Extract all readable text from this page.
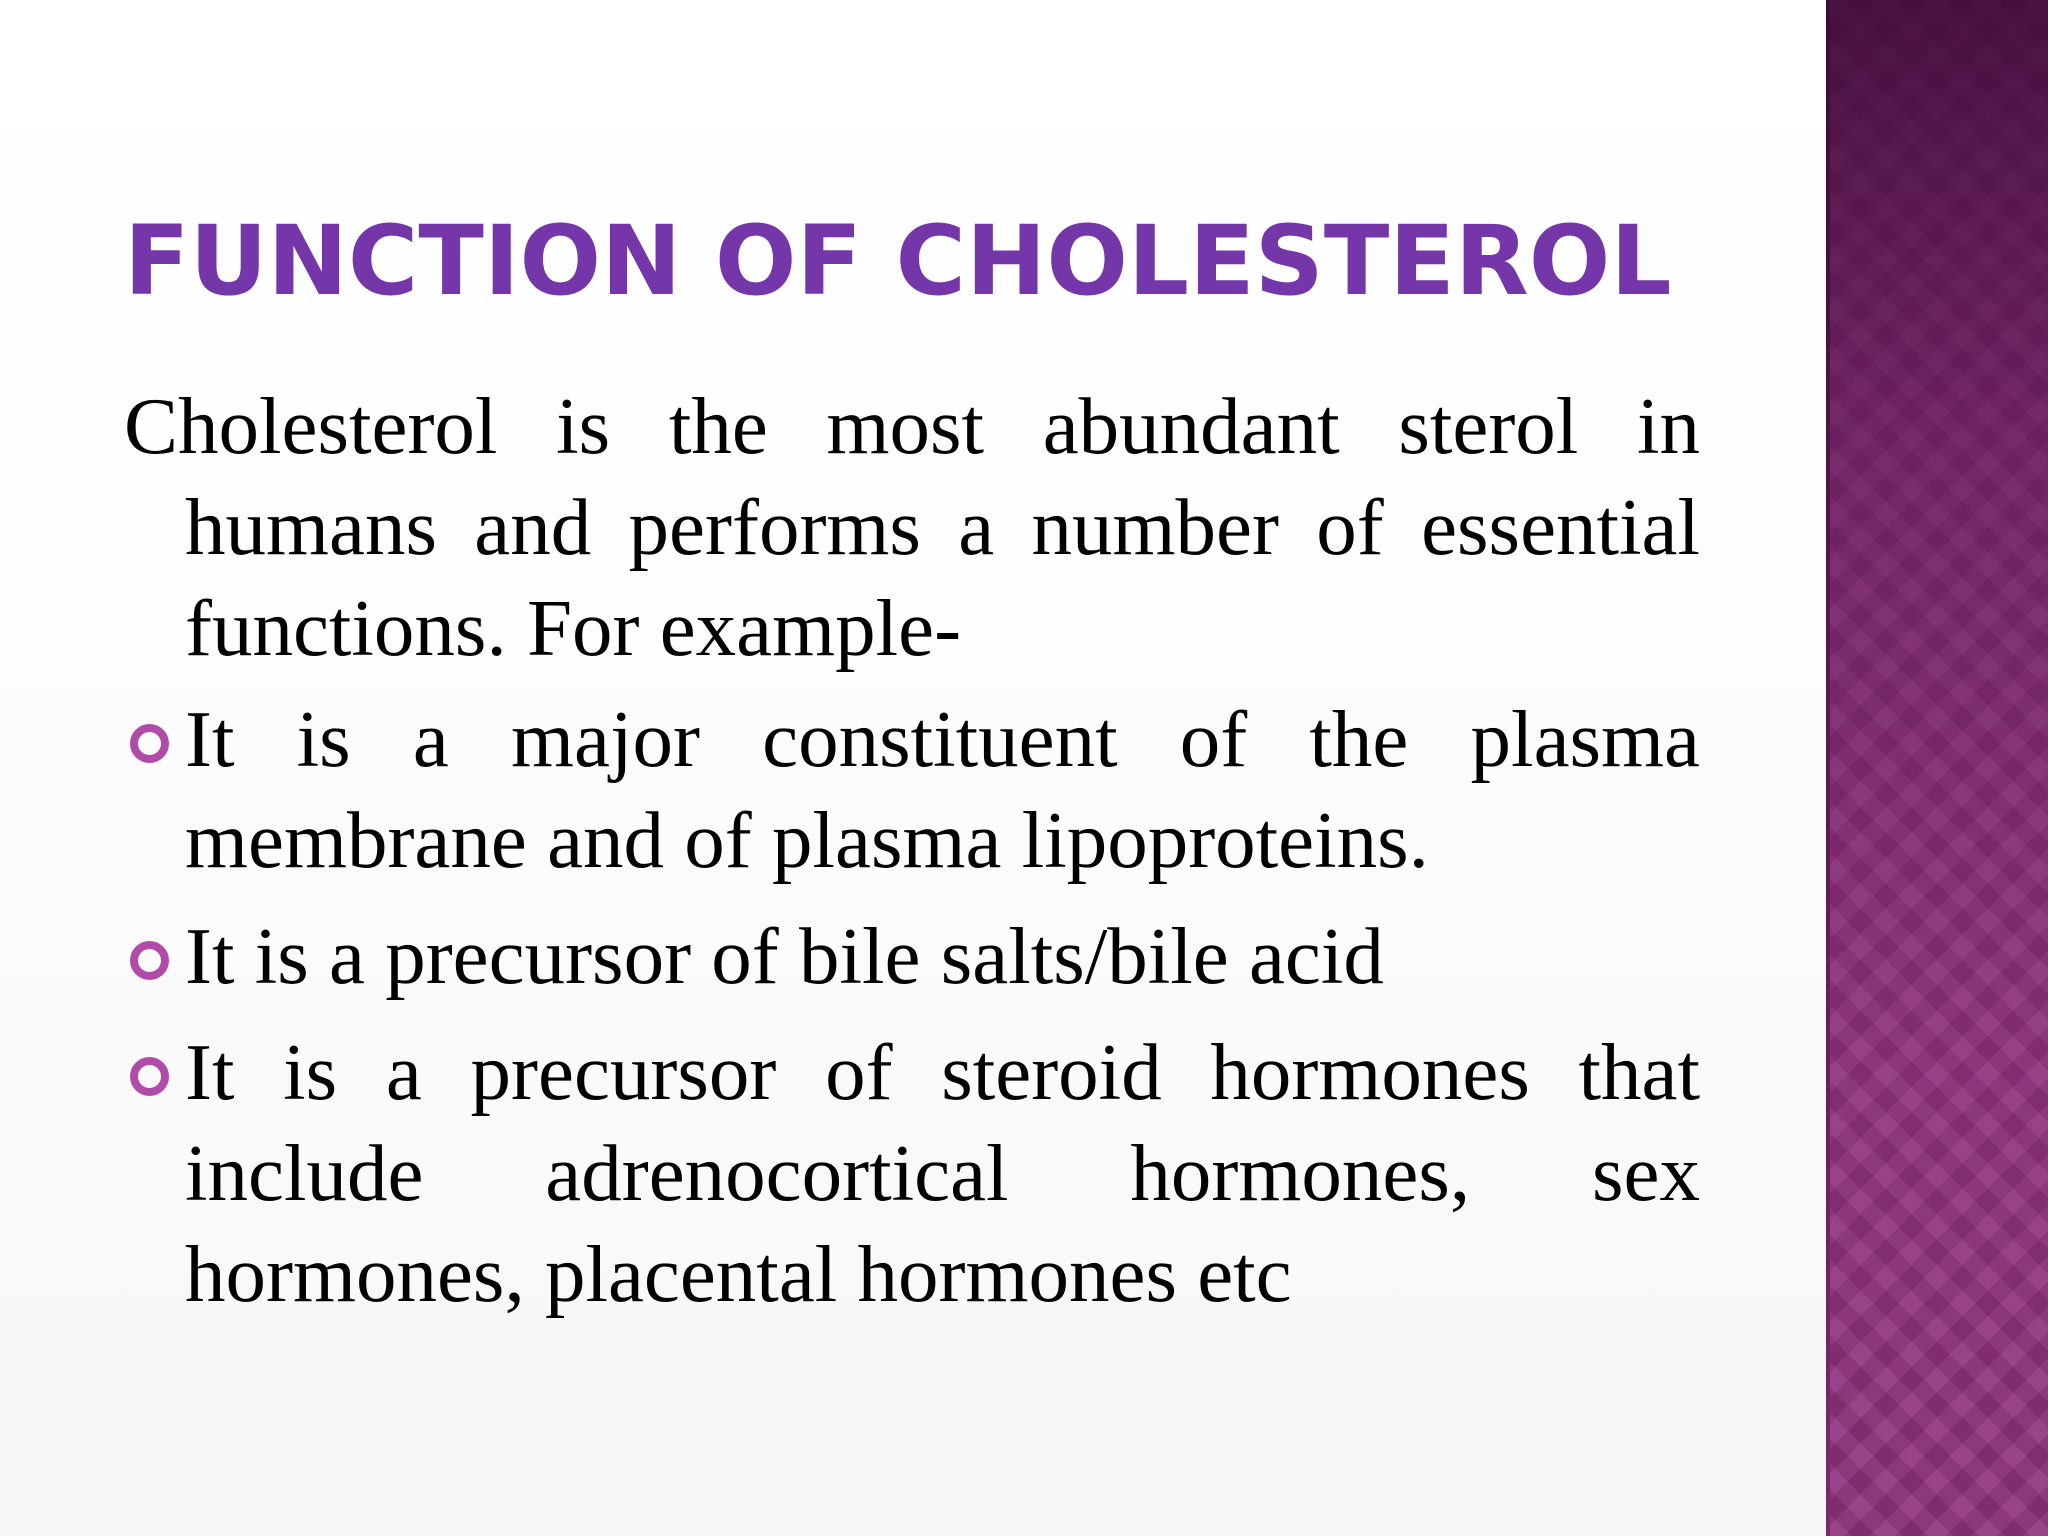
FUNCTION OF CHOLESTEROL

Cholesterol is the most abundant sterol in humans and performs a number of essential functions. For example-

It is a major constituent of the plasma membrane and of plasma lipoproteins.
It is a precursor of bile salts/bile acid
It is a precursor of steroid hormones that include adrenocortical hormones, sex hormones, placental hormones etc
